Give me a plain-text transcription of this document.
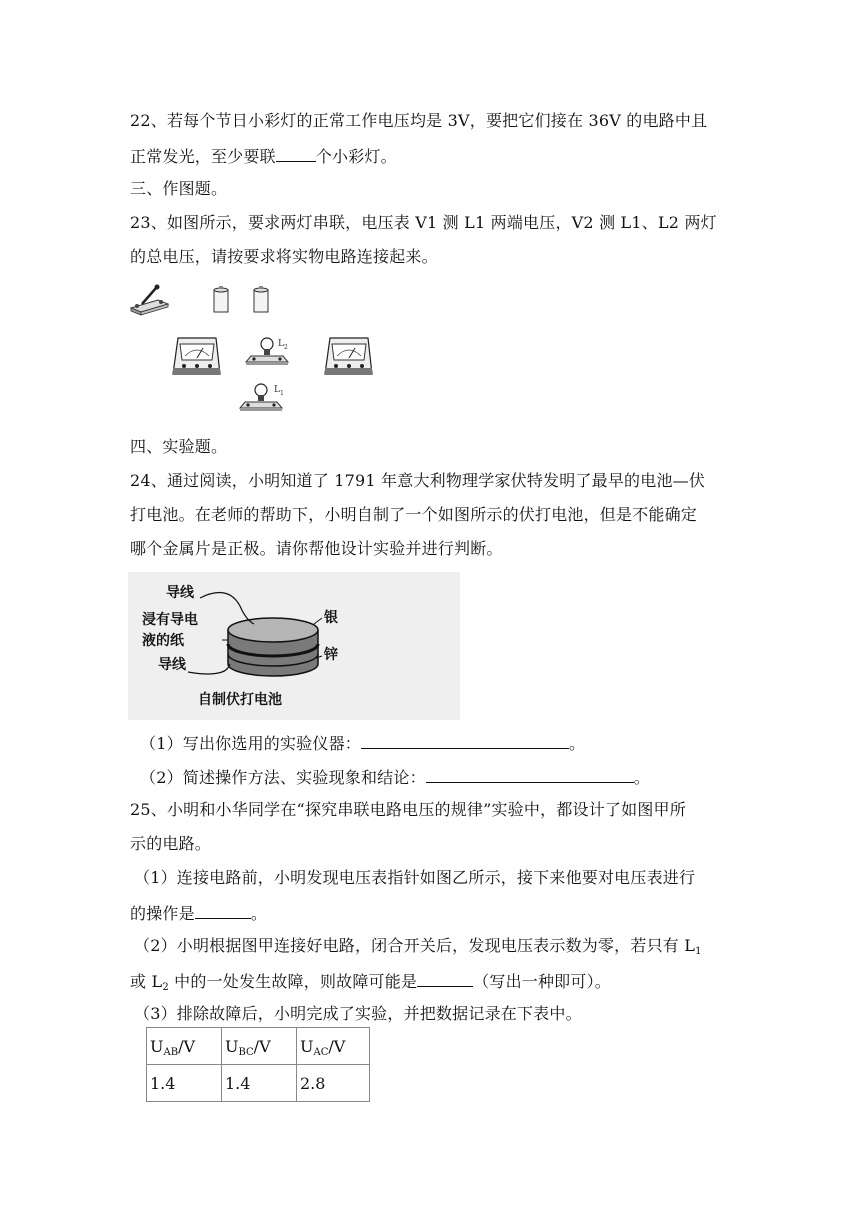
22、若每个节日小彩灯的正常工作电压均是 3V，要把它们接在 36V 的电路中且
正常发光，至少要联	个小彩灯。
三、作图题。
23、如图所示，要求两灯串联，电压表 V1 测 L1 两端电压，V2 测 L1、L2 两灯
的总电压，请按要求将实物电路连接起来。
$L_2$
$L_1$
四、实验题。
24、通过阅读，小明知道了 1791 年意大利物理学家伏特发明了最早的电池—伏
打电池。在老师的帮助下，小明自制了一个如图所示的伏打电池，但是不能确定
哪个金属片是正极。请你帮他设计实验并进行判断。
导线
浸有导电
液的纸
导线
银
锌
自制伏打电池
（1）写出你选用的实验仪器：	。
（2）简述操作方法、实验现象和结论：	。
25、小明和小华同学在“探究串联电路电压的规律”实验中，都设计了如图甲所
示的电路。
（1）连接电路前，小明发现电压表指针如图乙所示，接下来他要对电压表进行
的操作是	。
（2）小明根据图甲连接好电路，闭合开关后，发现电压表示数为零，若只有 $L_1$
或 $L_2$ 中的一处发生故障，则故障可能是	（写出一种即可）。
（3）排除故障后，小明完成了实验，并把数据记录在下表中。
$U_{AB}/V$	$U_{BC}/V$	$U_{AC}/V$
1.4	1.4	2.8
